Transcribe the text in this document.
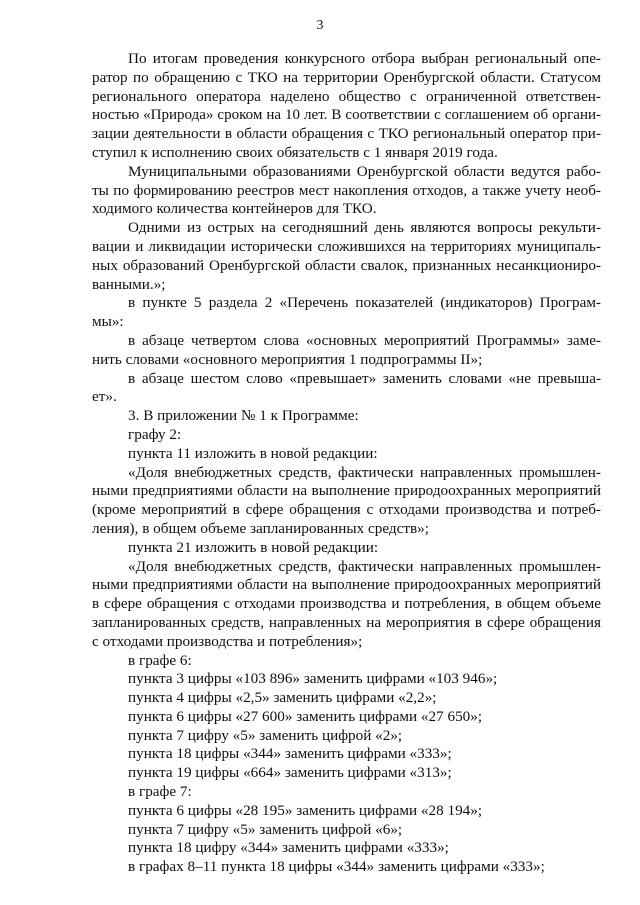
3
По итогам проведения конкурсного отбора выбран региональный опе-
ратор по обращению с ТКО на территории Оренбургской области. Статусом
регионального оператора наделено общество с ограниченной ответствен-
ностью «Природа» сроком на 10 лет. В соответствии с соглашением об органи-
зации деятельности в области обращения с ТКО региональный оператор при-
ступил к исполнению своих обязательств с 1 января 2019 года.
Муниципальными образованиями Оренбургской области ведутся рабо-
ты по формированию реестров мест накопления отходов, а также учету необ-
ходимого количества контейнеров для ТКО.
Одними из острых на сегодняшний день являются вопросы рекульти-
вации и ликвидации исторически сложившихся на территориях муниципаль-
ных образований Оренбургской области свалок, признанных несанкциониро-
ванными.»;
в пункте 5 раздела 2 «Перечень показателей (индикаторов) Програм-
мы»:
в абзаце четвертом слова «основных мероприятий Программы» заме-
нить словами «основного мероприятия 1 подпрограммы II»;
в абзаце шестом слово «превышает» заменить словами «не превыша-
ет».
3. В приложении № 1 к Программе:
графу 2:
пункта 11 изложить в новой редакции:
«Доля внебюджетных средств, фактически направленных промышлен-
ными предприятиями области на выполнение природоохранных мероприятий
(кроме мероприятий в сфере обращения с отходами производства и потреб-
ления), в общем объеме запланированных средств»;
пункта 21 изложить в новой редакции:
«Доля внебюджетных средств, фактически направленных промышлен-
ными предприятиями области на выполнение природоохранных мероприятий
в сфере обращения с отходами производства и потребления, в общем объеме
запланированных средств, направленных на мероприятия в сфере обращения
с отходами производства и потребления»;
в графе 6:
пункта 3 цифры «103 896» заменить цифрами «103 946»;
пункта 4 цифры «2,5» заменить цифрами «2,2»;
пункта 6 цифры «27 600» заменить цифрами «27 650»;
пункта 7 цифру «5» заменить цифрой «2»;
пункта 18 цифры «344» заменить цифрами «333»;
пункта 19 цифры «664» заменить цифрами «313»;
в графе 7:
пункта 6 цифры «28 195» заменить цифрами «28 194»;
пункта 7 цифру «5» заменить цифрой «6»;
пункта 18 цифру «344» заменить цифрами «333»;
в графах 8–11 пункта 18 цифры «344» заменить цифрами «333»;
